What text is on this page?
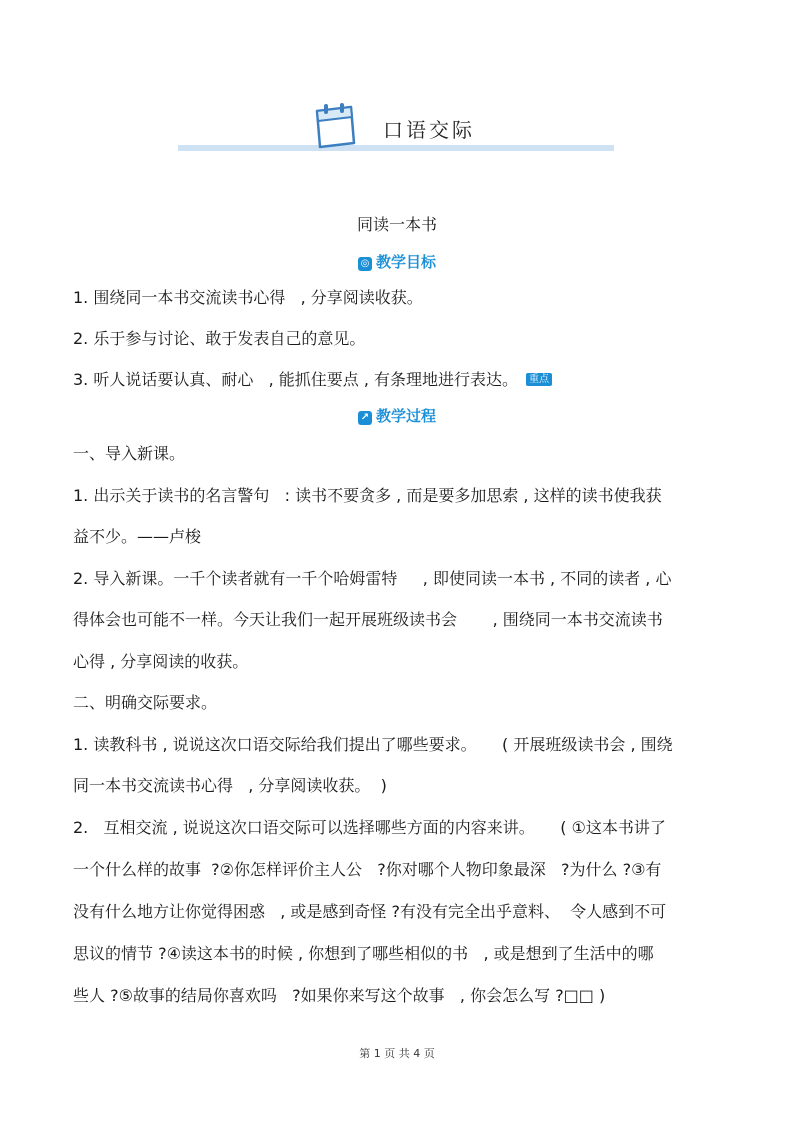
口语交际
同读一本书
◎ 教学目标
1. 围绕同一本书交流读书心得   , 分享阅读收获。
2. 乐于参与讨论、敢于发表自己的意见。
3. 听人说话要认真、耐心   , 能抓住要点 , 有条理地进行表达。 重点
↗ 教学过程
一、导入新课。
1. 出示关于读书的名言警句   : 读书不要贪多 , 而是要多加思索 , 这样的读书使我获
益不少。——卢梭
2. 导入新课。一千个读者就有一千个哈姆雷特     , 即使同读一本书 , 不同的读者 , 心
得体会也可能不一样。今天让我们一起开展班级读书会       , 围绕同一本书交流读书
心得 , 分享阅读的收获。
二、明确交际要求。
1. 读教科书 , 说说这次口语交际给我们提出了哪些要求。     ( 开展班级读书会 , 围绕
同一本书交流读书心得   , 分享阅读收获。  )
2.   互相交流 , 说说这次口语交际可以选择哪些方面的内容来讲。     ( ①这本书讲了
一个什么样的故事  ?②你怎样评价主人公   ?你对哪个人物印象最深   ?为什么 ?③有
没有什么地方让你觉得困惑   , 或是感到奇怪 ?有没有完全出乎意料、  令人感到不可
思议的情节 ?④读这本书的时候 , 你想到了哪些相似的书   , 或是想到了生活中的哪
些人 ?⑤故事的结局你喜欢吗   ?如果你来写这个故事   , 你会怎么写 ?□□ )
第 1 页 共 4 页
